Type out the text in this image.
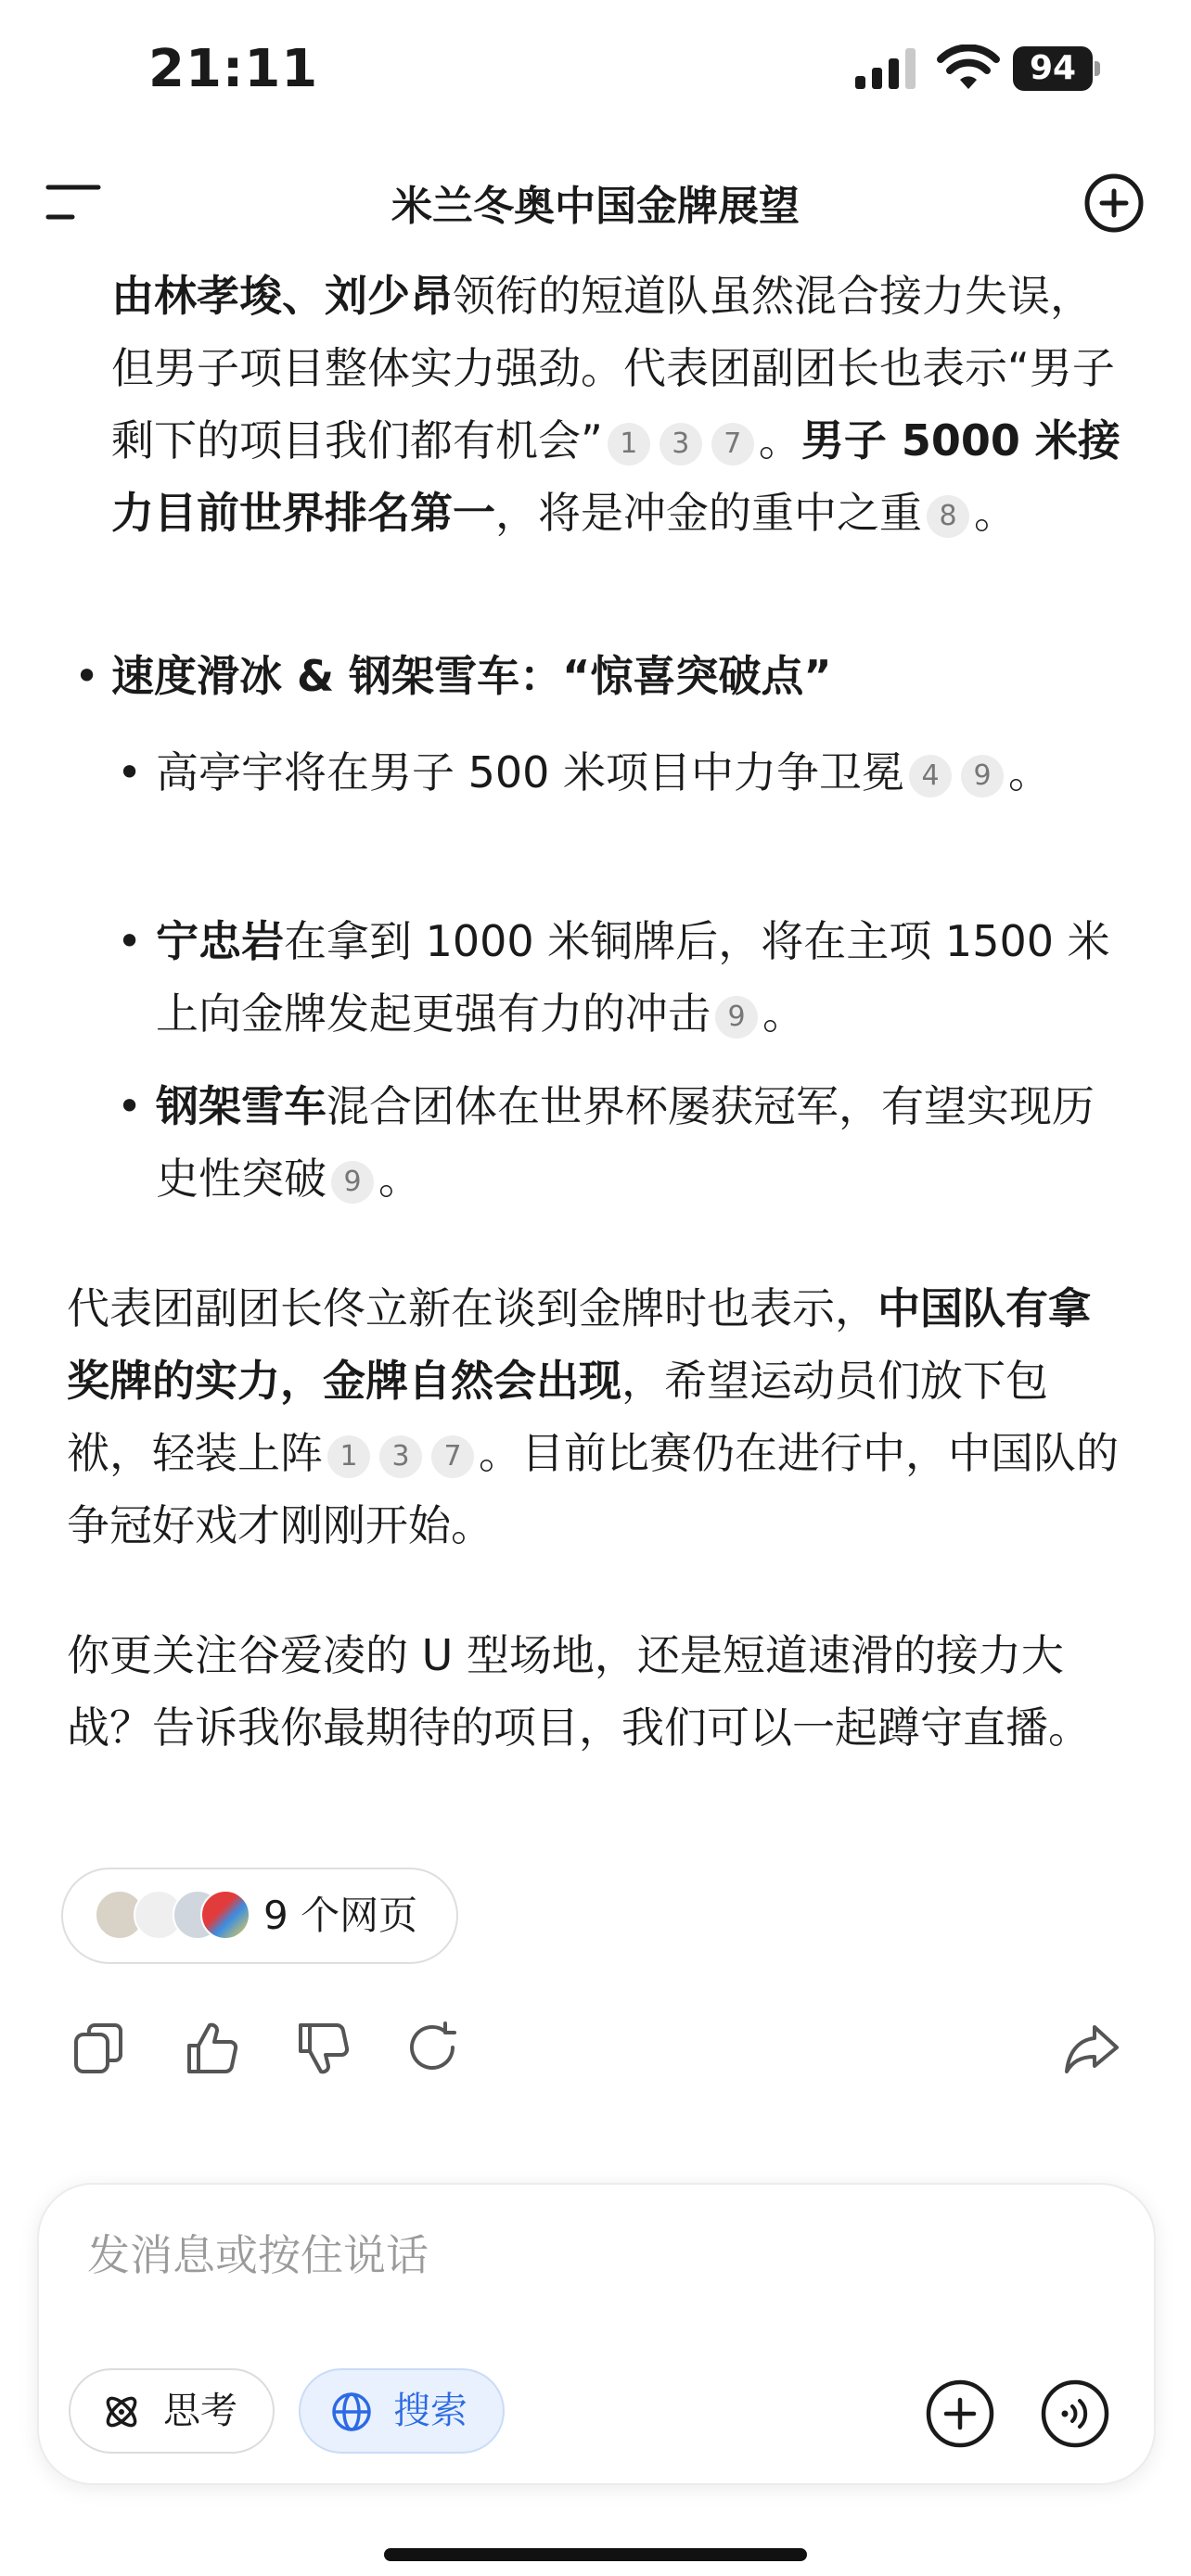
21:11	94
米兰冬奥中国金牌展望
由林孝埈、刘少昂领衔的短道队虽然混合接力失误，但男子项目整体实力强劲。代表团副团长也表示“男子剩下的项目我们都有机会” 1 3 7 。男子 5000 米接力目前世界排名第一，将是冲金的重中之重 8 。
• 速度滑冰 & 钢架雪车：“惊喜突破点”
• 高亭宇将在男子 500 米项目中力争卫冕 4 9 。
• 宁忠岩在拿到 1000 米铜牌后，将在主项 1500 米上向金牌发起更强有力的冲击 9 。
• 钢架雪车混合团体在世界杯屡获冠军，有望实现历史性突破 9 。
代表团副团长佟立新在谈到金牌时也表示，中国队有拿奖牌的实力，金牌自然会出现，希望运动员们放下包袱，轻装上阵 1 3 7 。目前比赛仍在进行中，中国队的争冠好戏才刚刚开始。
你更关注谷爱凌的 U 型场地，还是短道速滑的接力大战？告诉我你最期待的项目，我们可以一起蹲守直播。
9 个网页
发消息或按住说话
思考	搜索
